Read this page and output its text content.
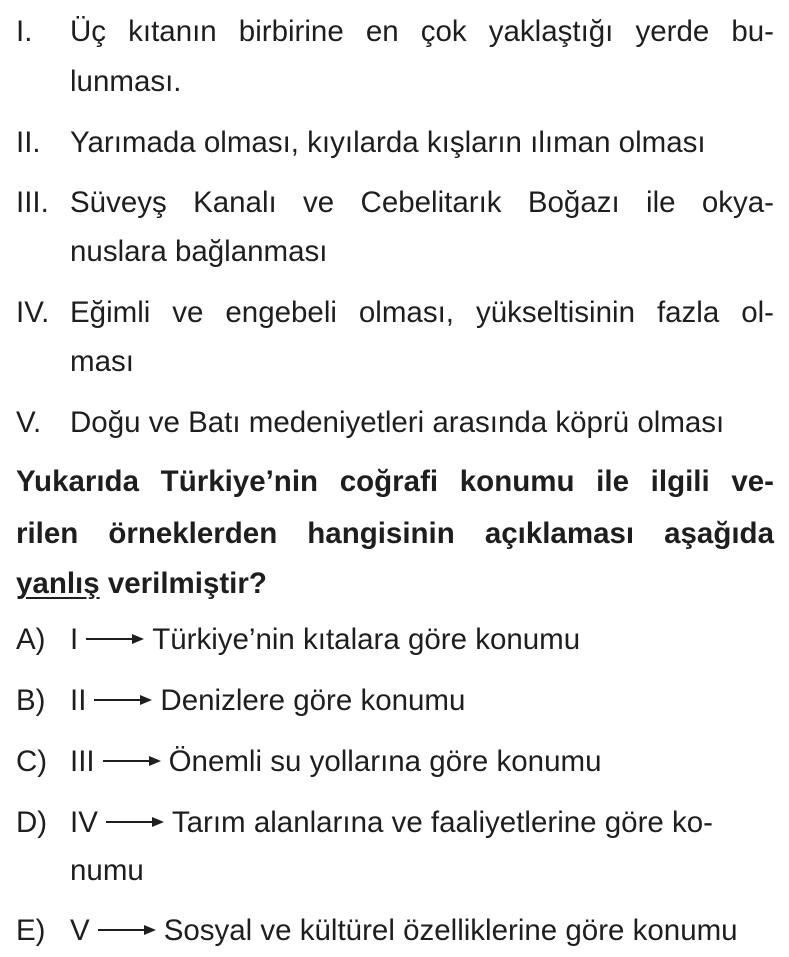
I. Üç kıtanın birbirine en çok yaklaştığı yerde bu-
lunması.
II. Yarımada olması, kıyılarda kışların ılıman olması
III. Süveyş Kanalı ve Cebelitarık Boğazı ile okya-
nuslara bağlanması
IV. Eğimli ve engebeli olması, yükseltisinin fazla ol-
ması
V. Doğu ve Batı medeniyetleri arasında köprü olması
Yukarıda Türkiye’nin coğrafi konumu ile ilgili ve-
rilen örneklerden hangisinin açıklaması aşağıda
yanlış verilmiştir?
A) I	Türkiye’nin kıtalara göre konumu
B) II	Denizlere göre konumu
C) III	Önemli su yollarına göre konumu
D) IV	Tarım alanlarına ve faaliyetlerine göre ko-
numu
E) V	Sosyal ve kültürel özelliklerine göre konumu
